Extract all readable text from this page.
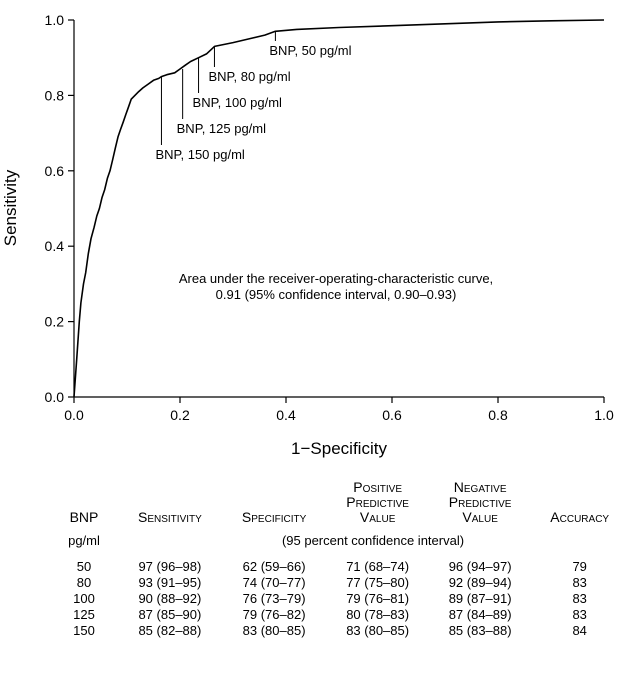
0.0	0.2	0.4	0.6	0.8	1.0
0.0
0.2
0.4
0.6
0.8
1.0
BNP, 50 pg/ml
BNP, 80 pg/ml
BNP, 100 pg/ml
BNP, 125 pg/ml
BNP, 150 pg/ml
1−Specificity
Sensitivity
Area under the receiver-operating-characteristic curve,
0.91 (95% confidence interval, 0.90–0.93)
BNP	Sensitivity	Specificity	Positive
Predictive
Value	Negative
Predictive
Value	Accuracy
pg/ml	(95 percent confidence interval)				
50	97 (96–98)	62 (59–66)	71 (68–74)	96 (94–97)	79
80	93 (91–95)	74 (70–77)	77 (75–80)	92 (89–94)	83
100	90 (88–92)	76 (73–79)	79 (76–81)	89 (87–91)	83
125	87 (85–90)	79 (76–82)	80 (78–83)	87 (84–89)	83
150	85 (82–88)	83 (80–85)	83 (80–85)	85 (83–88)	84
